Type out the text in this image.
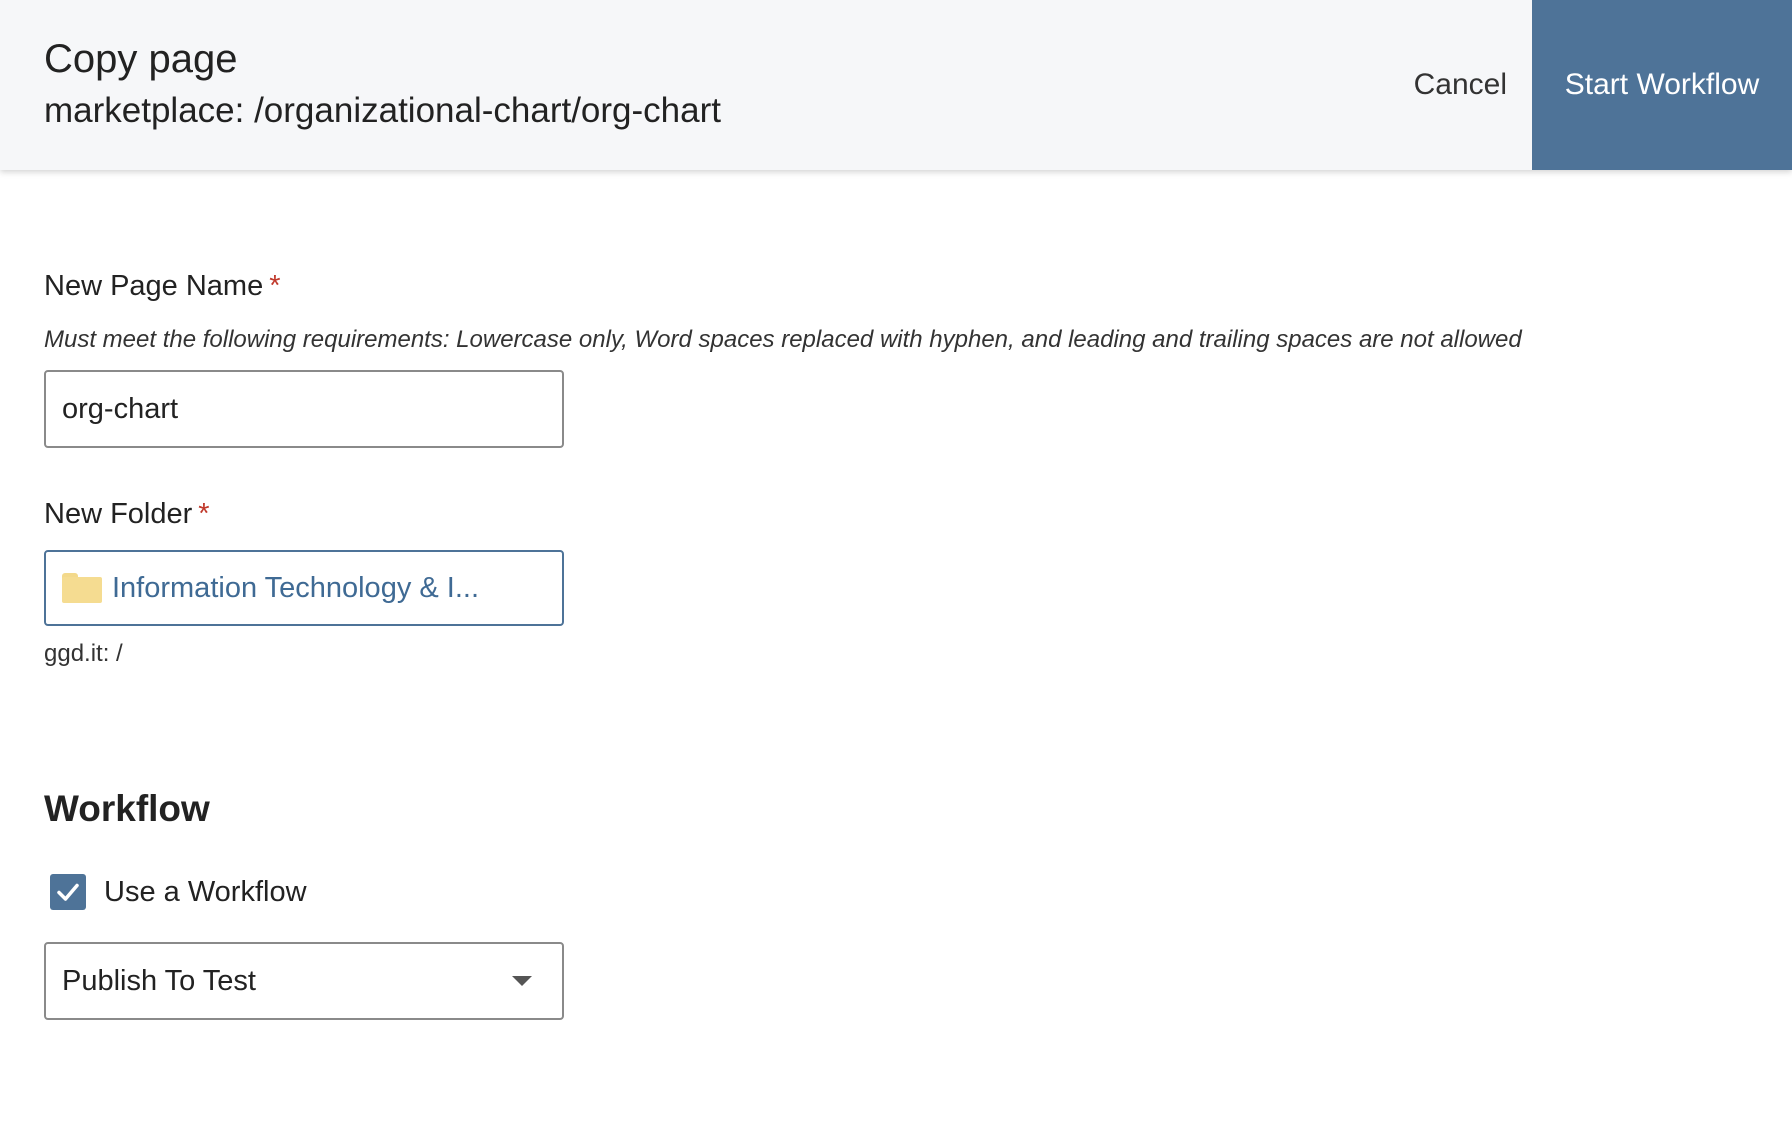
Copy page
marketplace: /organizational-chart/org-chart
Cancel	Start Workflow
New Page Name *
Must meet the following requirements: Lowercase only, Word spaces replaced with hyphen, and leading and trailing spaces are not allowed
org-chart
New Folder *
Information Technology & I...
ggd.it: /
Workflow
Use a Workflow
Publish To Test
